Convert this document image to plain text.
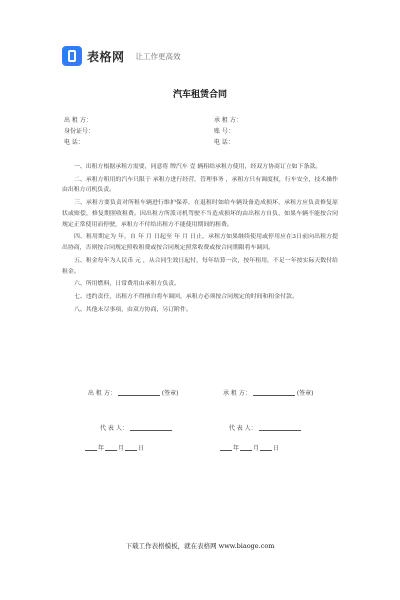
表格网 让工作更高效
汽车租赁合同
出 租 方：	承 租 方：
身份证号：	账 号：
电 话：	电 话：

一、出租方根据承租方需要，同意将 牌汽车 壹 辆租给承租方使用，经双方协商订立如下条款。

二、承租方租用的汽车只限于 承租方进行经营，管理事务 ，承租方只有调度权，行车安全，技术操作由出租方司机负责。

三、承租方要负责对所租车辆进行维护保养，在退租时如给车辆设备造成损坏，承租方应负责修复原状或赔偿，修复期照收租费。因出租方所派司机驾驶不当造成损坏的由出租方自负，如果车辆不能按合同规定正常使用而停驶，承租方不付给出租方不能使用期间的租费。

四、租用期定为 年，自 年 月 日起至 年 月 日止，承租方如果继续使用或停用应在3日前向出租方提出协商，否则按合同规定照收租费或按合同规定照常收费或按合同期限将车调回。

五、租金每年为人民币 元 ，从合同生效日起付，每年结算一次，按年租用，不足一年按实际天数付给租金。

六、所用燃料，日常费用由承租方负责。

七、违约责任，出租方不得擅自将车调回，承租方必须按合同规定的时间和租金付款。

八、其他未尽事项，由双方协商，另订附件。

出 租 方：	(签章)	承 租 方：	(签章)
代 表 人：	代 表 人：
年 月 日	年 月 日
下载工作表格模板，就在表格网 www.biaoge.com
